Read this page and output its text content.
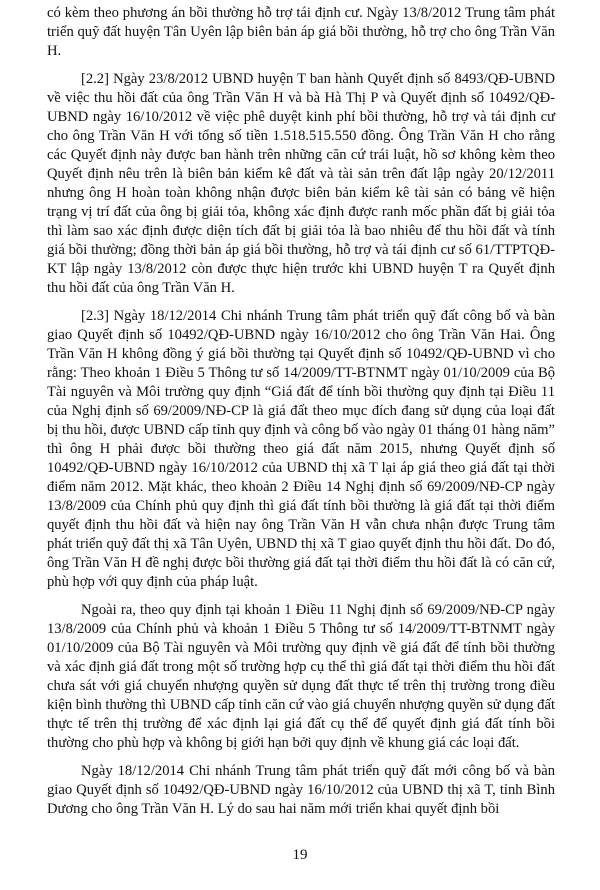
có kèm theo phương án bồi thường hỗ trợ tái định cư. Ngày 13/8/2012 Trung tâm phát triển quỹ đất huyện Tân Uyên lập biên bản áp giá bồi thường, hỗ trợ cho ông Trần Văn H.

[2.2] Ngày 23/8/2012 UBND huyện T ban hành Quyết định số 8493/QĐ-UBND về việc thu hồi đất của ông Trần Văn H và bà Hà Thị P và Quyết định số 10492/QĐ-UBND ngày 16/10/2012 về việc phê duyệt kinh phí bồi thường, hỗ trợ và tái định cư cho ông Trần Văn H với tổng số tiền 1.518.515.550 đồng. Ông Trần Văn H cho rằng các Quyết định này được ban hành trên những căn cứ trái luật, hồ sơ không kèm theo Quyết định nêu trên là biên bản kiểm kê đất và tài sản trên đất lập ngày 20/12/2011 nhưng ông H hoàn toàn không nhận được biên bản kiểm kê tài sản có bảng vẽ hiện trạng vị trí đất của ông bị giải tỏa, không xác định được ranh mốc phần đất bị giải tỏa thì làm sao xác định được diện tích đất bị giải tỏa là bao nhiêu để thu hồi đất và tính giá bồi thường; đồng thời bản áp giá bồi thường, hỗ trợ và tái định cư số 61/TTPTQĐ-KT lập ngày 13/8/2012 còn được thực hiện trước khi UBND huyện T ra Quyết định thu hồi đất của ông Trần Văn H.

[2.3] Ngày 18/12/2014 Chi nhánh Trung tâm phát triển quỹ đất công bố và bàn giao Quyết định số 10492/QĐ-UBND ngày 16/10/2012 cho ông Trần Văn Hai. Ông Trần Văn H không đồng ý giá bồi thường tại Quyết định số 10492/QĐ-UBND vì cho rằng: Theo khoản 1 Điều 5 Thông tư số 14/2009/TT-BTNMT ngày 01/10/2009 của Bộ Tài nguyên và Môi trường quy định “Giá đất để tính bồi thường quy định tại Điều 11 của Nghị định số 69/2009/NĐ-CP là giá đất theo mục đích đang sử dụng của loại đất bị thu hồi, được UBND cấp tỉnh quy định và công bố vào ngày 01 tháng 01 hàng năm” thì ông H phải được bồi thường theo giá đất năm 2015, nhưng Quyết định số 10492/QĐ-UBND ngày 16/10/2012 của UBND thị xã T lại áp giá theo giá đất tại thời điểm năm 2012. Mặt khác, theo khoản 2 Điều 14 Nghị định số 69/2009/NĐ-CP ngày 13/8/2009 của Chính phủ quy định thì giá đất tính bồi thường là giá đất tại thời điểm quyết định thu hồi đất và hiện nay ông Trần Văn H vẫn chưa nhận được Trung tâm phát triển quỹ đất thị xã Tân Uyên, UBND thị xã T giao quyết định thu hồi đất. Do đó, ông Trần Văn H đề nghị được bồi thường giá đất tại thời điểm thu hồi đất là có căn cứ, phù hợp với quy định của pháp luật.

Ngoài ra, theo quy định tại khoản 1 Điều 11 Nghị định số 69/2009/NĐ-CP ngày 13/8/2009 của Chính phủ và khoản 1 Điều 5 Thông tư số 14/2009/TT-BTNMT ngày 01/10/2009 của Bộ Tài nguyên và Môi trường quy định về giá đất để tính bồi thường và xác định giá đất trong một số trường hợp cụ thể thì giá đất tại thời điểm thu hồi đất chưa sát với giá chuyển nhượng quyền sử dụng đất thực tế trên thị trường trong điều kiện bình thường thì UBND cấp tỉnh căn cứ vào giá chuyển nhượng quyền sử dụng đất thực tế trên thị trường để xác định lại giá đất cụ thể để quyết định giá đất tính bồi thường cho phù hợp và không bị giới hạn bởi quy định về khung giá các loại đất.

Ngày 18/12/2014 Chi nhánh Trung tâm phát triển quỹ đất mới công bố và bàn giao Quyết định số 10492/QĐ-UBND ngày 16/10/2012 của UBND thị xã T, tỉnh Bình Dương cho ông Trần Văn H. Lý do sau hai năm mới triển khai quyết định bồi

19
